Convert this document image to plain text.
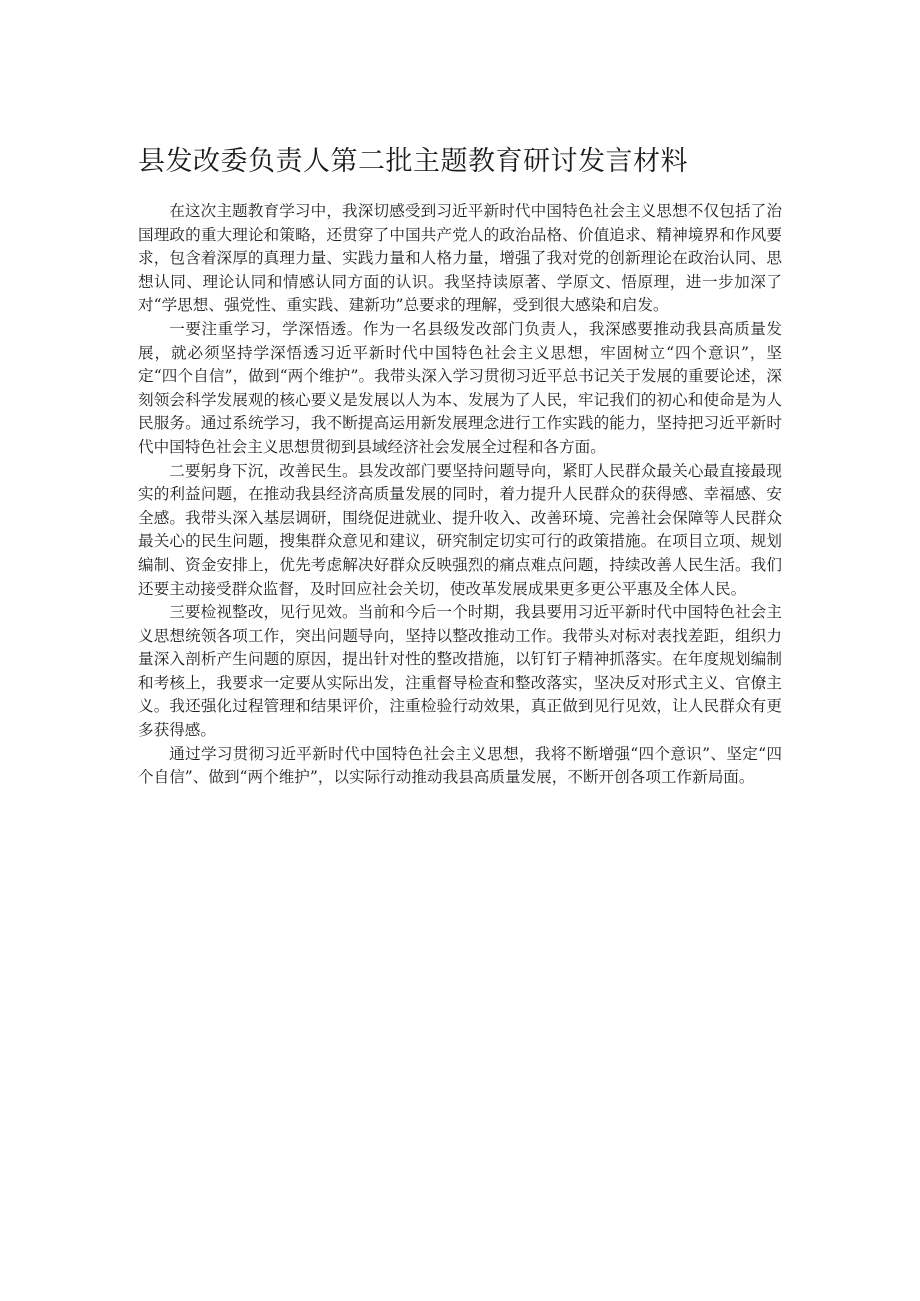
县发改委负责人第二批主题教育研讨发言材料

在这次主题教育学习中，我深切感受到习近平新时代中国特色社会主义思想不仅包括了治国理政的重大理论和策略，还贯穿了中国共产党人的政治品格、价值追求、精神境界和作风要求，包含着深厚的真理力量、实践力量和人格力量，增强了我对党的创新理论在政治认同、思想认同、理论认同和情感认同方面的认识。我坚持读原著、学原文、悟原理，进一步加深了对“学思想、强党性、重实践、建新功”总要求的理解，受到很大感染和启发。

一要注重学习，学深悟透。作为一名县级发改部门负责人，我深感要推动我县高质量发展，就必须坚持学深悟透习近平新时代中国特色社会主义思想，牢固树立“四个意识”，坚定“四个自信”，做到“两个维护”。我带头深入学习贯彻习近平总书记关于发展的重要论述，深刻领会科学发展观的核心要义是发展以人为本、发展为了人民，牢记我们的初心和使命是为人民服务。通过系统学习，我不断提高运用新发展理念进行工作实践的能力，坚持把习近平新时代中国特色社会主义思想贯彻到县域经济社会发展全过程和各方面。

二要躬身下沉，改善民生。县发改部门要坚持问题导向，紧盯人民群众最关心最直接最现实的利益问题，在推动我县经济高质量发展的同时，着力提升人民群众的获得感、幸福感、安全感。我带头深入基层调研，围绕促进就业、提升收入、改善环境、完善社会保障等人民群众最关心的民生问题，搜集群众意见和建议，研究制定切实可行的政策措施。在项目立项、规划编制、资金安排上，优先考虑解决好群众反映强烈的痛点难点问题，持续改善人民生活。我们还要主动接受群众监督，及时回应社会关切，使改革发展成果更多更公平惠及全体人民。

三要检视整改，见行见效。当前和今后一个时期，我县要用习近平新时代中国特色社会主义思想统领各项工作，突出问题导向，坚持以整改推动工作。我带头对标对表找差距，组织力量深入剖析产生问题的原因，提出针对性的整改措施，以钉钉子精神抓落实。在年度规划编制和考核上，我要求一定要从实际出发，注重督导检查和整改落实，坚决反对形式主义、官僚主义。我还强化过程管理和结果评价，注重检验行动效果，真正做到见行见效，让人民群众有更多获得感。

通过学习贯彻习近平新时代中国特色社会主义思想，我将不断增强“四个意识”、坚定“四个自信”、做到“两个维护”，以实际行动推动我县高质量发展，不断开创各项工作新局面。
